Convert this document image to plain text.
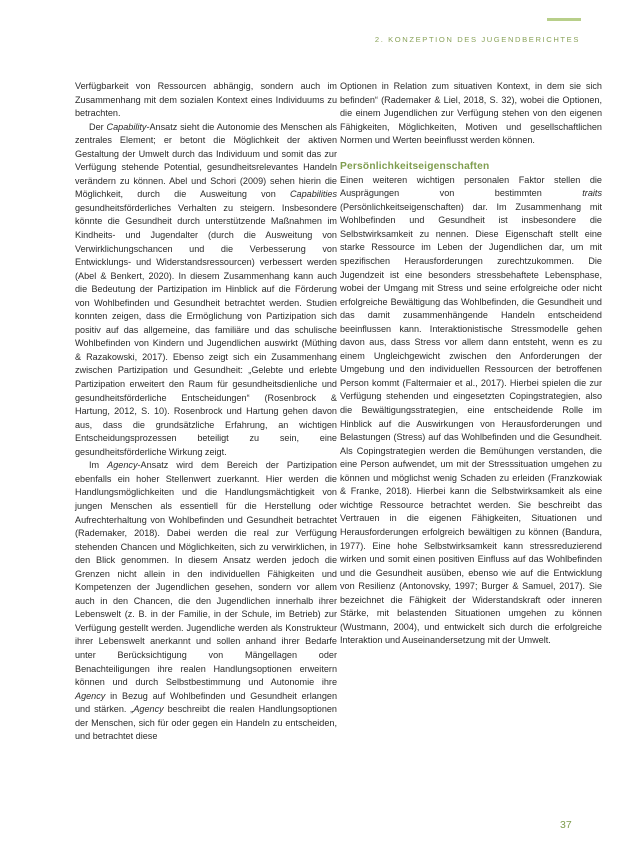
2. KONZEPTION DES JUGENDBERICHTES

Verfügbarkeit von Ressourcen abhängig, sondern auch im Zusammenhang mit dem sozialen Kontext eines Individuums zu betrachten.

Der Capability-Ansatz sieht die Autonomie des Menschen als zentrales Element; er betont die Möglichkeit der aktiven Gestaltung der Umwelt durch das Individuum und somit das zur Verfügung stehende Potential, gesundheitsrelevantes Handeln verändern zu können. Abel und Schori (2009) sehen hierin die Möglichkeit, durch die Ausweitung von Capabilities gesundheitsförderliches Verhalten zu steigern. Insbesondere könnte die Gesundheit durch unterstützende Maßnahmen im Kindheits- und Jugendalter (durch die Ausweitung von Verwirklichungschancen und die Verbesserung von Entwicklungs- und Widerstandsressourcen) verbessert werden (Abel & Benkert, 2020). In diesem Zusammenhang kann auch die Bedeutung der Partizipation im Hinblick auf die Förderung von Wohlbefinden und Gesundheit betrachtet werden. Studien konnten zeigen, dass die Ermöglichung von Partizipation sich positiv auf das allgemeine, das familiäre und das schulische Wohlbefinden von Kindern und Jugendlichen auswirkt (Müthing & Razakowski, 2017). Ebenso zeigt sich ein Zusammenhang zwischen Partizipation und Gesundheit: „Gelebte und erlebte Partizipation erweitert den Raum für gesundheitsdienliche und gesundheitsförderliche Entscheidungen“ (Rosenbrock & Hartung, 2012, S. 10). Rosenbrock und Hartung gehen davon aus, dass die grundsätzliche Erfahrung, an wichtigen Entscheidungsprozessen beteiligt zu sein, eine gesundheitsförderliche Wirkung zeigt.

Im Agency-Ansatz wird dem Bereich der Partizipation ebenfalls ein hoher Stellenwert zuerkannt. Hier werden die Handlungsmöglichkeiten und die Handlungsmächtigkeit von jungen Menschen als essentiell für die Herstellung oder Aufrechterhaltung von Wohlbefinden und Gesundheit betrachtet (Rademaker, 2018). Dabei werden die real zur Verfügung stehenden Chancen und Möglichkeiten, sich zu verwirklichen, in den Blick genommen. In diesem Ansatz werden jedoch die Grenzen nicht allein in den individuellen Fähigkeiten und Kompetenzen der Jugendlichen gesehen, sondern vor allem auch in den Chancen, die den Jugendlichen innerhalb ihrer Lebenswelt (z. B. in der Familie, in der Schule, im Betrieb) zur Verfügung gestellt werden. Jugendliche werden als Konstrukteur ihrer Lebenswelt anerkannt und sollen anhand ihrer Bedarfe unter Berücksichtigung von Mängellagen oder Benachteiligungen ihre realen Handlungsoptionen erweitern können und durch Selbstbestimmung und Autonomie ihre Agency in Bezug auf Wohlbefinden und Gesundheit erlangen und stärken. „Agency beschreibt die realen Handlungsoptionen der Menschen, sich für oder gegen ein Handeln zu entscheiden, und betrachtet diese

Optionen in Relation zum situativen Kontext, in dem sie sich befinden“ (Rademaker & Liel, 2018, S. 32), wobei die Optionen, die einem Jugendlichen zur Verfügung stehen von den eigenen Fähigkeiten, Möglichkeiten, Motiven und gesellschaftlichen Normen und Werten beeinflusst werden können.

Persönlichkeitseigenschaften

Einen weiteren wichtigen personalen Faktor stellen die Ausprägungen von bestimmten traits (Persönlichkeitseigenschaften) dar. Im Zusammenhang mit Wohlbefinden und Gesundheit ist insbesondere die Selbstwirksamkeit zu nennen. Diese Eigenschaft stellt eine starke Ressource im Leben der Jugendlichen dar, um mit spezifischen Herausforderungen zurechtzukommen. Die Jugendzeit ist eine besonders stressbehaftete Lebensphase, wobei der Umgang mit Stress und seine erfolgreiche oder nicht erfolgreiche Bewältigung das Wohlbefinden, die Gesundheit und das damit zusammenhängende Handeln entscheidend beeinflussen kann. Interaktionistische Stressmodelle gehen davon aus, dass Stress vor allem dann entsteht, wenn es zu einem Ungleichgewicht zwischen den Anforderungen der Umgebung und den individuellen Ressourcen der betroffenen Person kommt (Faltermaier et al., 2017). Hierbei spielen die zur Verfügung stehenden und eingesetzten Copingstrategien, also die Bewältigungsstrategien, eine entscheidende Rolle im Hinblick auf die Auswirkungen von Herausforderungen und Belastungen (Stress) auf das Wohlbefinden und die Gesundheit. Als Copingstrategien werden die Bemühungen verstanden, die eine Person aufwendet, um mit der Stresssituation umgehen zu können und möglichst wenig Schaden zu erleiden (Franzkowiak & Franke, 2018). Hierbei kann die Selbstwirksamkeit als eine wichtige Ressource betrachtet werden. Sie beschreibt das Vertrauen in die eigenen Fähigkeiten, Situationen und Herausforderungen erfolgreich bewältigen zu können (Bandura, 1977). Eine hohe Selbstwirksamkeit kann stressreduzierend wirken und somit einen positiven Einfluss auf das Wohlbefinden und die Gesundheit ausüben, ebenso wie auf die Entwicklung von Resilienz (Antonovsky, 1997; Burger & Samuel, 2017). Sie bezeichnet die Fähigkeit der Widerstandskraft oder inneren Stärke, mit belastenden Situationen umgehen zu können (Wustmann, 2004), und entwickelt sich durch die erfolgreiche Interaktion und Auseinandersetzung mit der Umwelt.

37
